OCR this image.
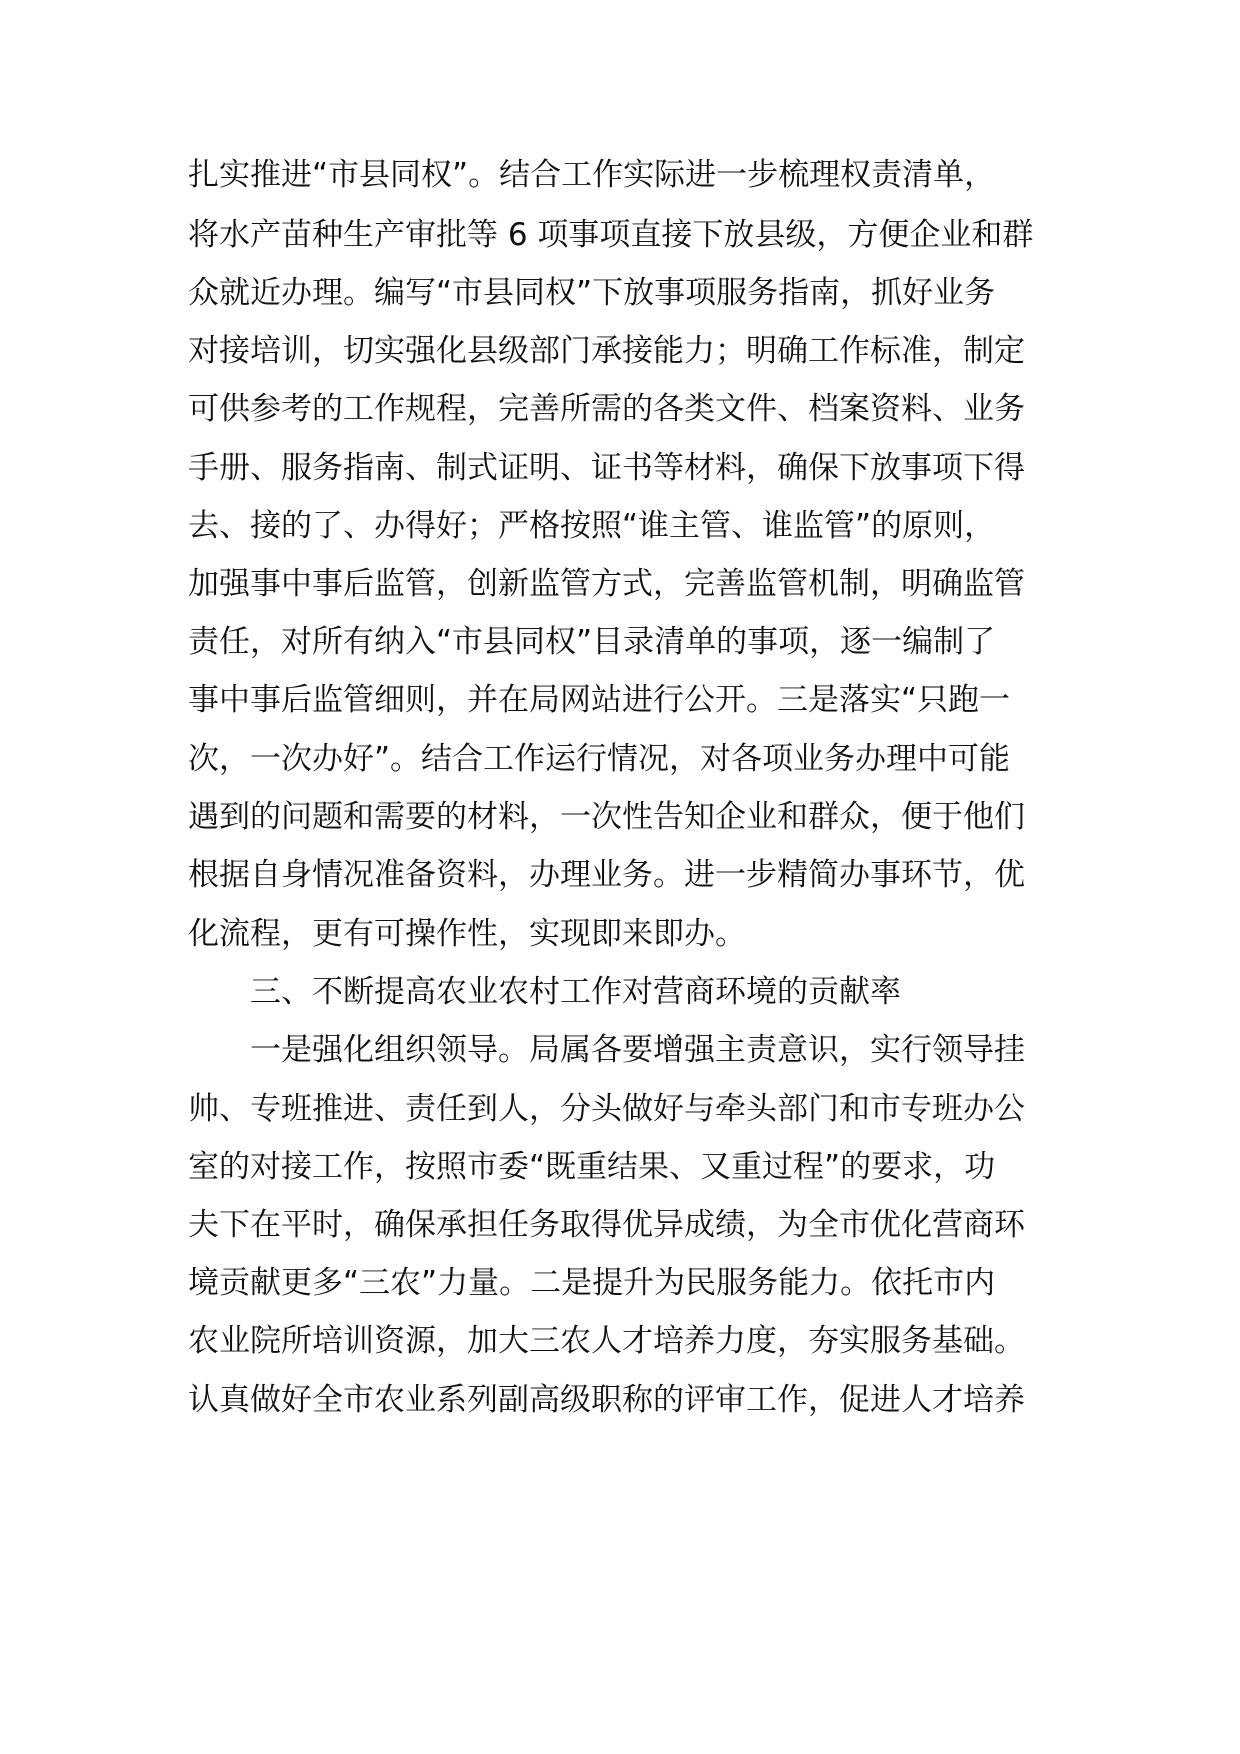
扎实推进“市县同权”。结合工作实际进一步梳理权责清单，

将水产苗种生产审批等 6 项事项直接下放县级，方便企业和群

众就近办理。编写“市县同权”下放事项服务指南，抓好业务

对接培训，切实强化县级部门承接能力；明确工作标准，制定

可供参考的工作规程，完善所需的各类文件、档案资料、业务

手册、服务指南、制式证明、证书等材料，确保下放事项下得

去、接的了、办得好；严格按照“谁主管、谁监管”的原则，

加强事中事后监管，创新监管方式，完善监管机制，明确监管

责任，对所有纳入“市县同权”目录清单的事项，逐一编制了

事中事后监管细则，并在局网站进行公开。三是落实“只跑一

次，一次办好”。结合工作运行情况，对各项业务办理中可能

遇到的问题和需要的材料，一次性告知企业和群众，便于他们

根据自身情况准备资料，办理业务。进一步精简办事环节，优

化流程，更有可操作性，实现即来即办。

三、不断提高农业农村工作对营商环境的贡献率

一是强化组织领导。局属各要增强主责意识，实行领导挂

帅、专班推进、责任到人，分头做好与牵头部门和市专班办公

室的对接工作，按照市委“既重结果、又重过程”的要求，功

夫下在平时，确保承担任务取得优异成绩，为全市优化营商环

境贡献更多“三农”力量。二是提升为民服务能力。依托市内

农业院所培训资源，加大三农人才培养力度，夯实服务基础。

认真做好全市农业系列副高级职称的评审工作，促进人才培养
